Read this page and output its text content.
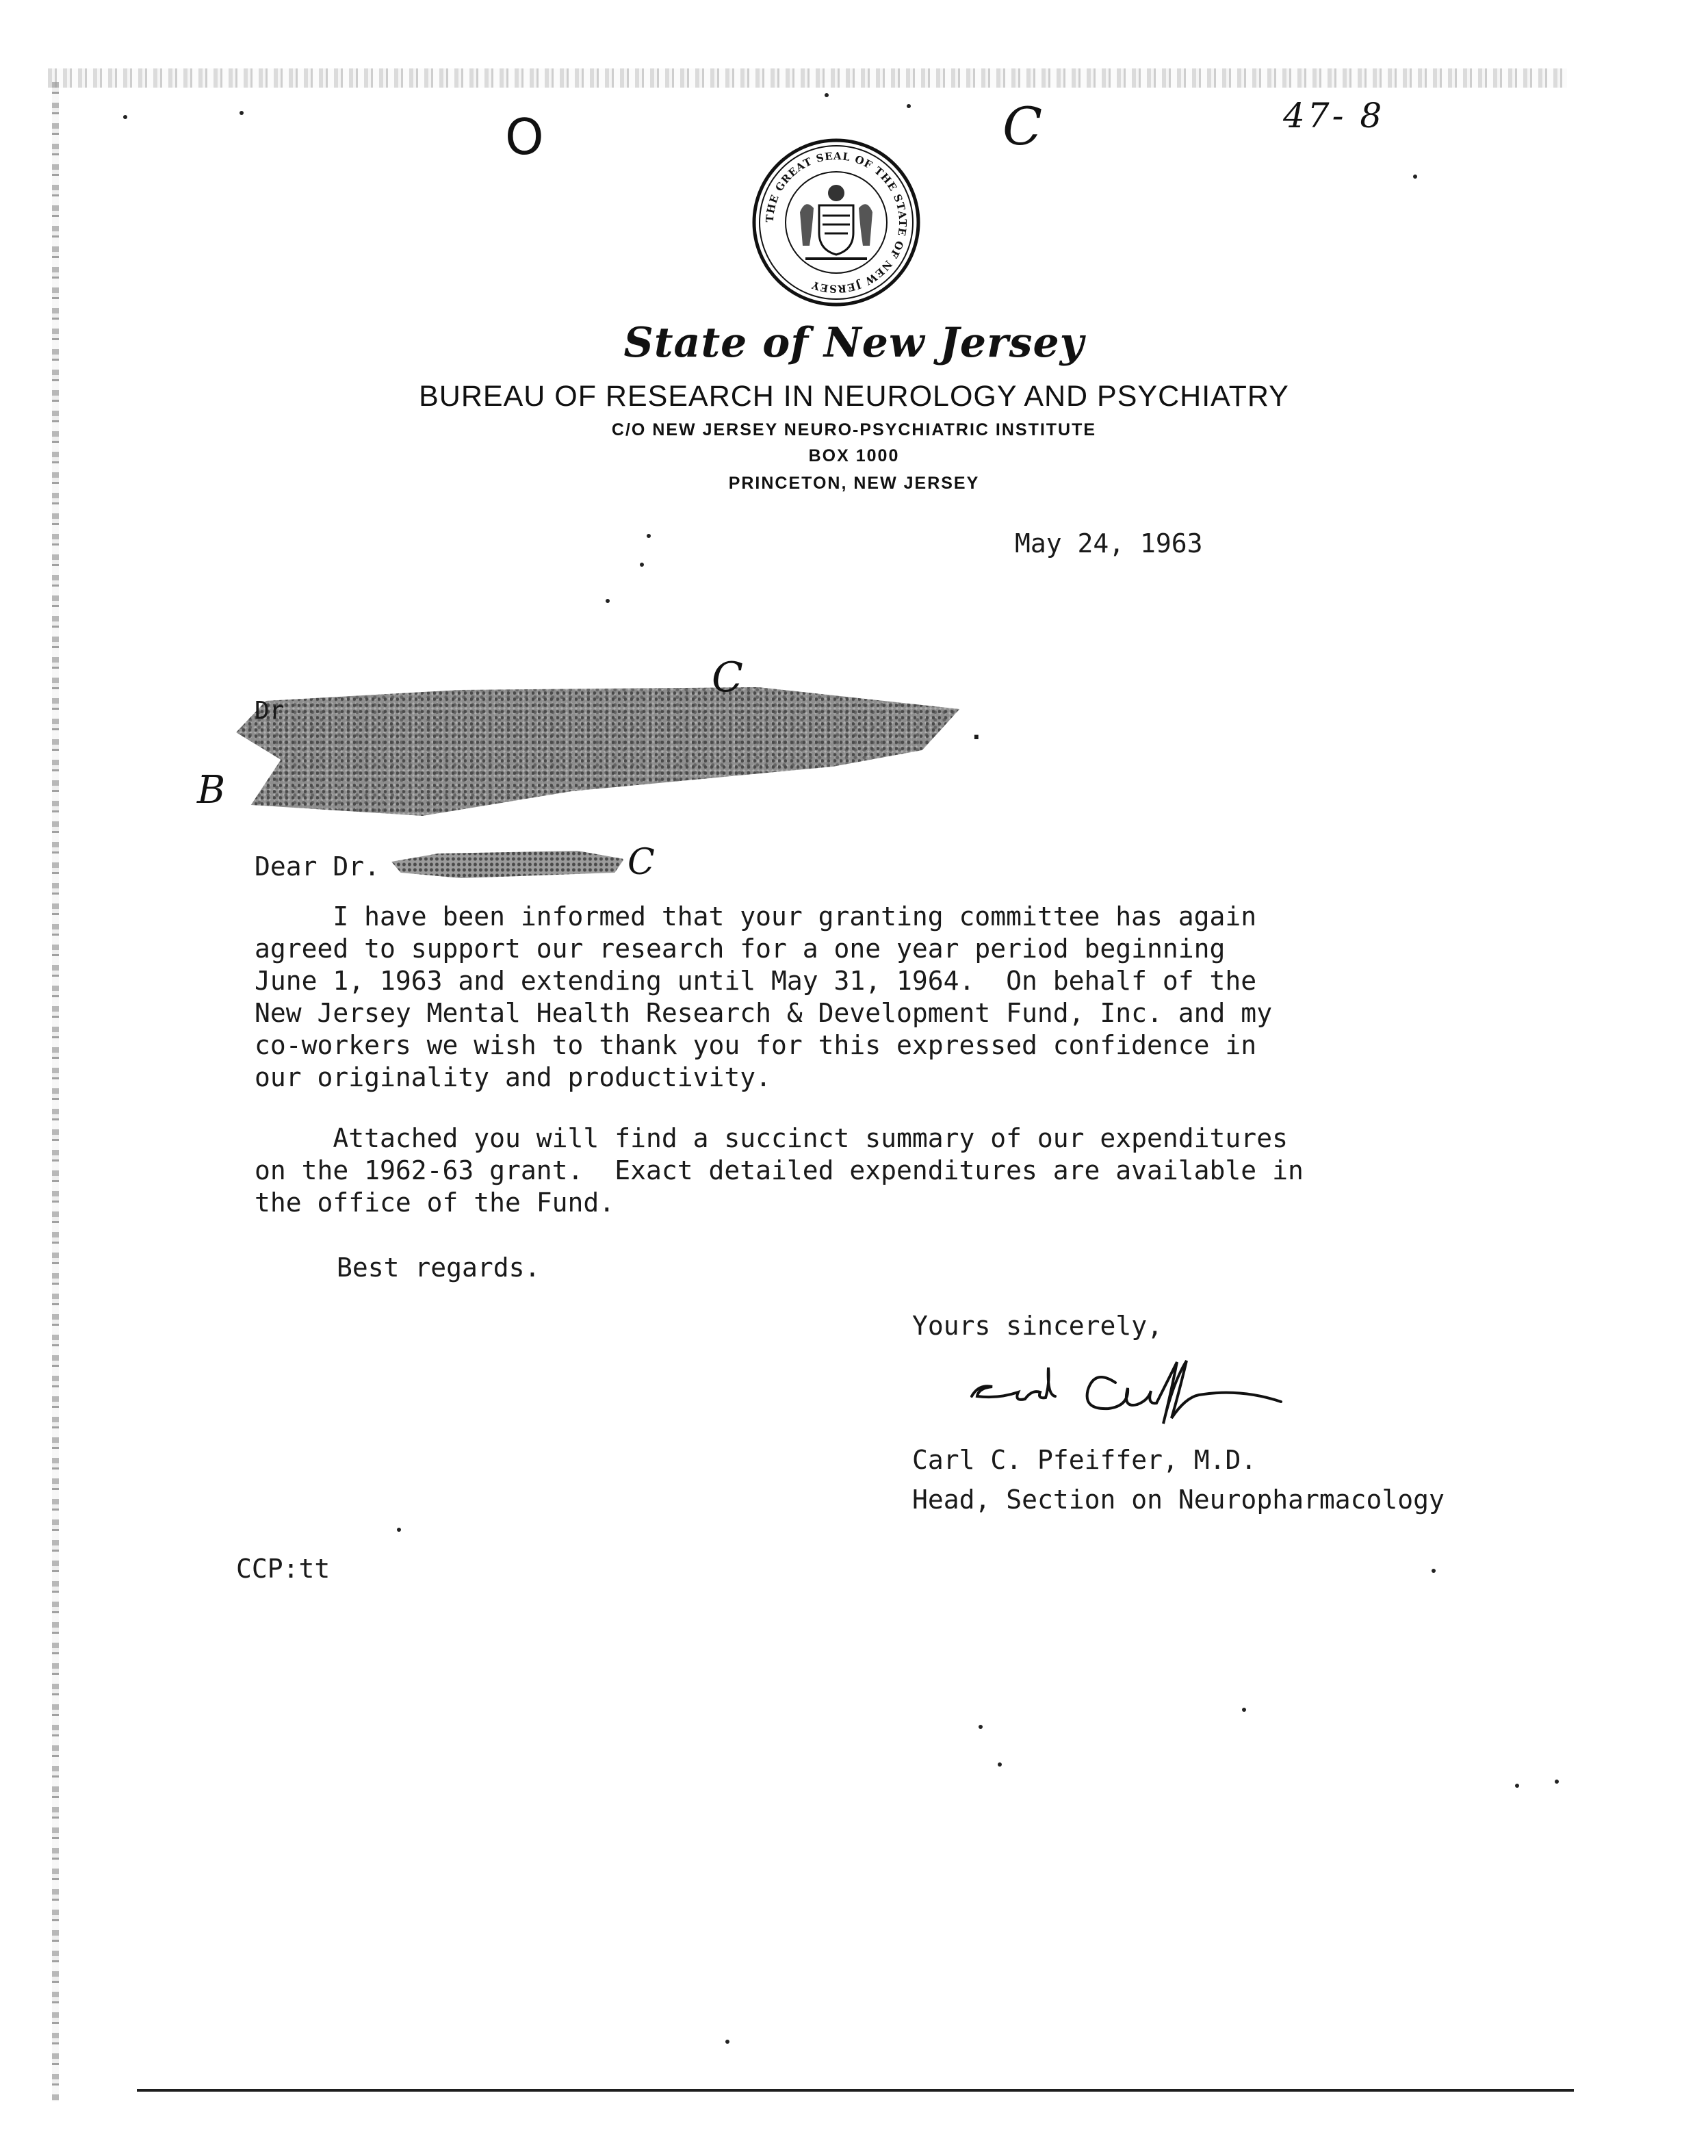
47- 8
C
O
THE GREAT SEAL OF THE STATE OF NEW JERSEY
State of New Jersey
BUREAU OF RESEARCH IN NEUROLOGY AND PSYCHIATRY
C/O NEW JERSEY NEURO-PSYCHIATRIC INSTITUTE
BOX 1000
PRINCETON, NEW JERSEY
May 24, 1963
Dr
.
C
B
Dear Dr.	C
I have been informed that your granting committee has again
agreed to support our research for a one year period beginning
June 1, 1963 and extending until May 31, 1964.  On behalf of the
New Jersey Mental Health Research & Development Fund, Inc. and my
co-workers we wish to thank you for this expressed confidence in
our originality and productivity.
Attached you will find a succinct summary of our expenditures
on the 1962-63 grant.  Exact detailed expenditures are available in
the office of the Fund.
Best regards.
Yours sincerely,
Carl C. Pfeiffer, M.D.
Head, Section on Neuropharmacology
CCP:tt
